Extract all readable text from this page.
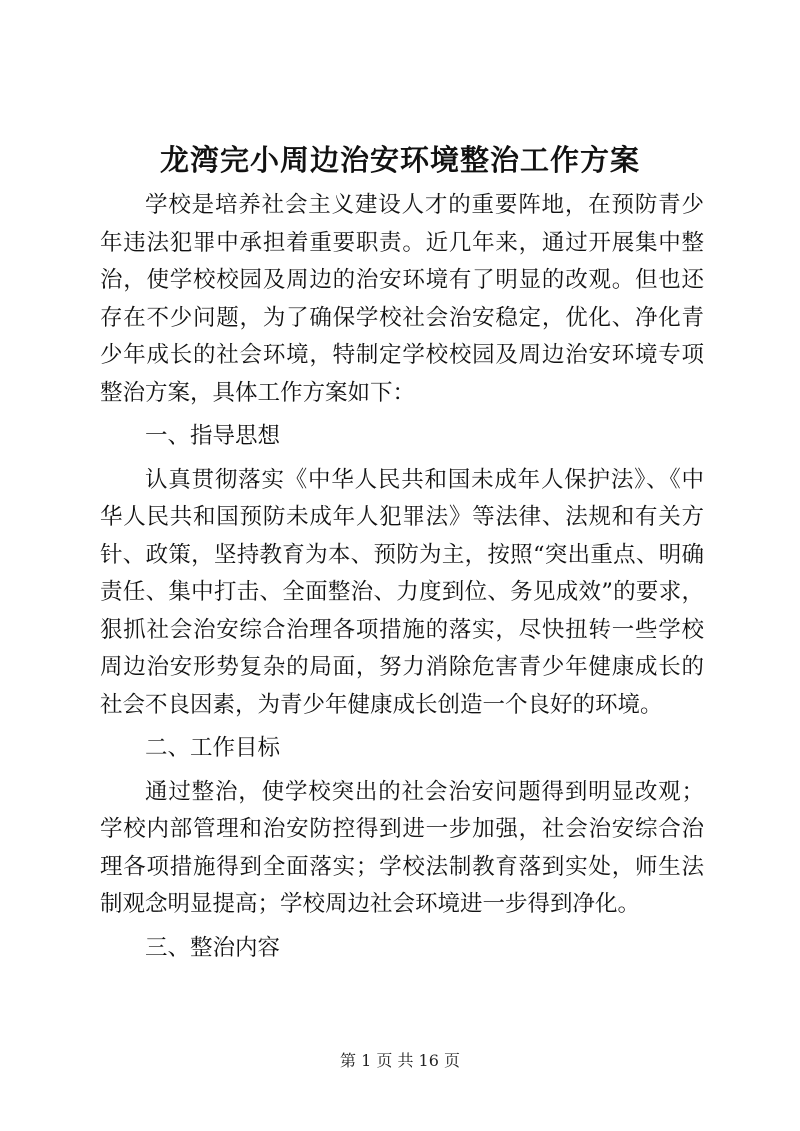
龙湾完小周边治安环境整治工作方案

学校是培养社会主义建设人才的重要阵地，在预防青少年违法犯罪中承担着重要职责。近几年来，通过开展集中整治，使学校校园及周边的治安环境有了明显的改观。但也还存在不少问题，为了确保学校社会治安稳定，优化、净化青少年成长的社会环境，特制定学校校园及周边治安环境专项整治方案，具体工作方案如下：

一、指导思想

认真贯彻落实《中华人民共和国未成年人保护法》、《中华人民共和国预防未成年人犯罪法》等法律、法规和有关方针、政策，坚持教育为本、预防为主，按照“突出重点、明确责任、集中打击、全面整治、力度到位、务见成效”的要求，狠抓社会治安综合治理各项措施的落实，尽快扭转一些学校周边治安形势复杂的局面，努力消除危害青少年健康成长的社会不良因素，为青少年健康成长创造一个良好的环境。

二、工作目标

通过整治，使学校突出的社会治安问题得到明显改观；学校内部管理和治安防控得到进一步加强，社会治安综合治理各项措施得到全面落实；学校法制教育落到实处，师生法制观念明显提高；学校周边社会环境进一步得到净化。

三、整治内容

第 1 页 共 16 页
